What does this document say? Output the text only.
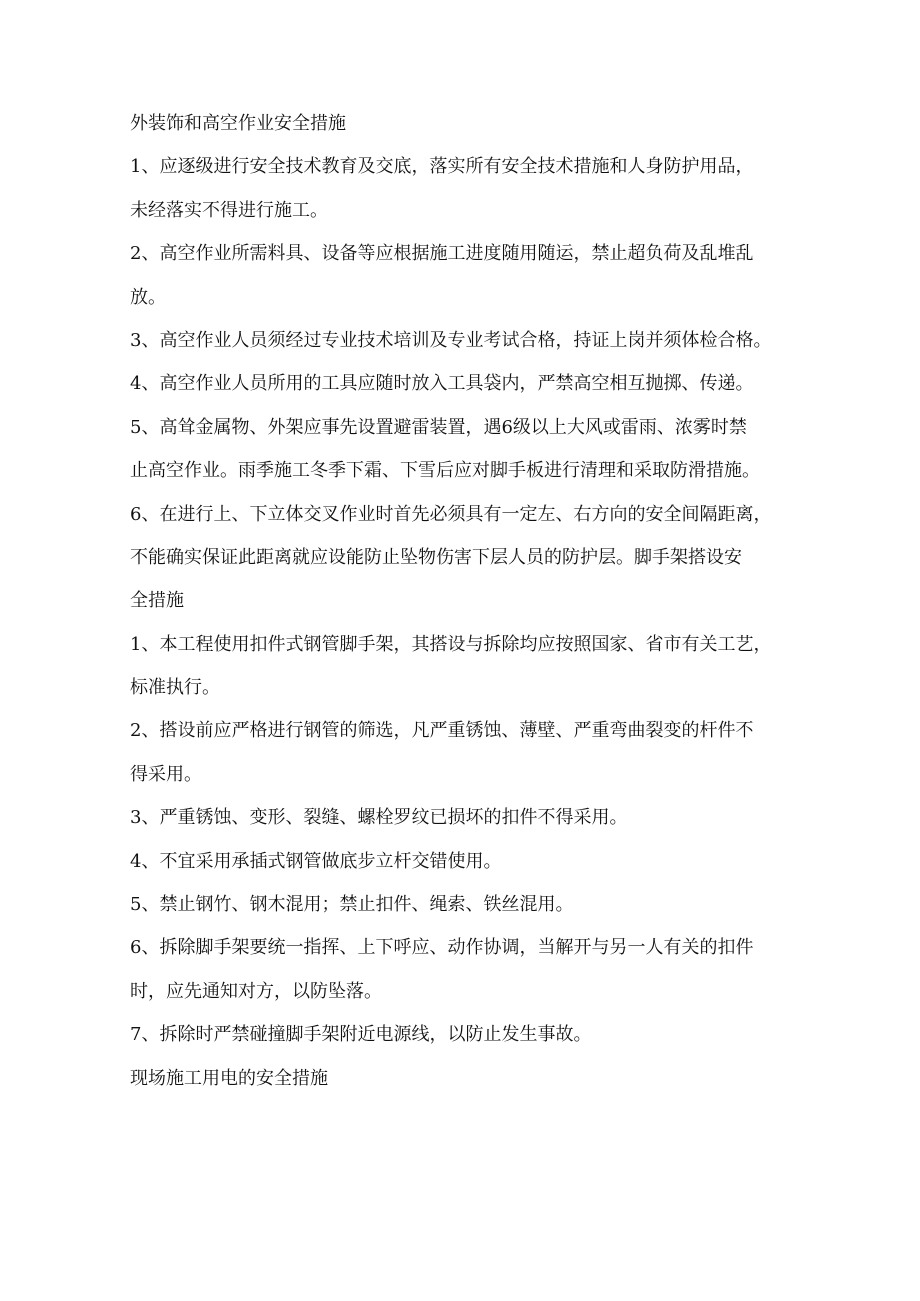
外装饰和高空作业安全措施
1、应逐级进行安全技术教育及交底，落实所有安全技术措施和人身防护用品，
未经落实不得进行施工。
2、高空作业所需料具、设备等应根据施工进度随用随运，禁止超负荷及乱堆乱
放。
3、高空作业人员须经过专业技术培训及专业考试合格，持证上岗并须体检合格。
4、高空作业人员所用的工具应随时放入工具袋内，严禁高空相互抛掷、传递。
5、高耸金属物、外架应事先设置避雷装置，遇6级以上大风或雷雨、浓雾时禁
止高空作业。雨季施工冬季下霜、下雪后应对脚手板进行清理和采取防滑措施。
6、在进行上、下立体交叉作业时首先必须具有一定左、右方向的安全间隔距离，
不能确实保证此距离就应设能防止坠物伤害下层人员的防护层。脚手架搭设安
全措施
1、本工程使用扣件式钢管脚手架，其搭设与拆除均应按照国家、省市有关工艺，
标准执行。
2、搭设前应严格进行钢管的筛选，凡严重锈蚀、薄壁、严重弯曲裂变的杆件不
得采用。
3、严重锈蚀、变形、裂缝、螺栓罗纹已损坏的扣件不得采用。
4、不宜采用承插式钢管做底步立杆交错使用。
5、禁止钢竹、钢木混用；禁止扣件、绳索、铁丝混用。
6、拆除脚手架要统一指挥、上下呼应、动作协调，当解开与另一人有关的扣件
时，应先通知对方，以防坠落。
7、拆除时严禁碰撞脚手架附近电源线，以防止发生事故。
现场施工用电的安全措施
